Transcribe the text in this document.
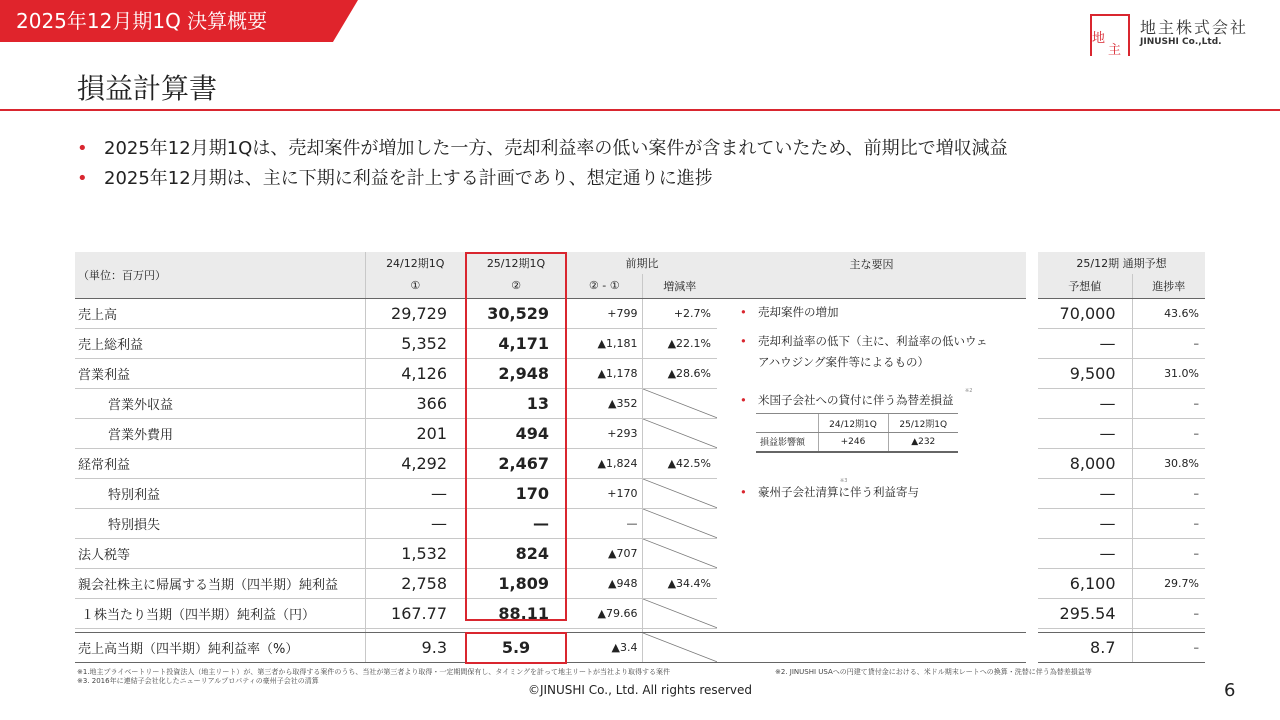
2025年12月期1Q 決算概要
地
主
地主株式会社
JINUSHI Co.,Ltd.
損益計算書
• 2025年12月期1Qは、売却案件が増加した一方、売却利益率の低い案件が含まれていたため、前期比で増収減益
• 2025年12月期は、主に下期に利益を計上する計画であり、想定通りに進捗
（単位：百万円）	24/12期1Q	25/12期1Q	前期比		主な要因	25/12期 通期予想	
	①	②	② - ①	増減率		予想値	進捗率
売上高	29,729	30,529	+799	+2.7%		70,000	43.6%
売上総利益	5,352	4,171	▲1,181	▲22.1%		—	–
営業利益	4,126	2,948	▲1,178	▲28.6%		9,500	31.0%
営業外収益	366	13	▲352			—	–
営業外費用	201	494	+293			—	–
経常利益	4,292	2,467	▲1,824	▲42.5%		8,000	30.8%
特別利益	—	170	+170			—	–
特別損失	—	—	—			—	–
法人税等	1,532	824	▲707			—	–
親会社株主に帰属する当期（四半期）純利益	2,758	1,809	▲948	▲34.4%		6,100	29.7%
１株当たり当期（四半期）純利益（円）	167.77	88.11	▲79.66			295.54	–

売上高当期（四半期）純利益率（%）	9.3	5.9	▲3.4			8.7	–
• 売却案件の増加
• 売却利益率の低下（主に、利益率の低いウェ
アハウジング案件等によるもの）
• 米国子会社への貸付に伴う為替差損益
※2
• 豪州子会社清算に伴う利益寄与
※3
	24/12期1Q	25/12期1Q
損益影響額	+246	▲232
※1.地主プライベートリート投資法人（地主リート）が、第三者から取得する案件のうち、当社が第三者より取得・一定期間保有し、タイミングを計って地主リートが当社より取得する案件	※2. JINUSHI USAへの円建て貸付金における、米ドル期末レートへの換算・洗替に伴う為替差損益等
※3. 2016年に連結子会社化したニューリアルプロパティの豪州子会社の清算
©JINUSHI Co., Ltd. All rights reserved	6
